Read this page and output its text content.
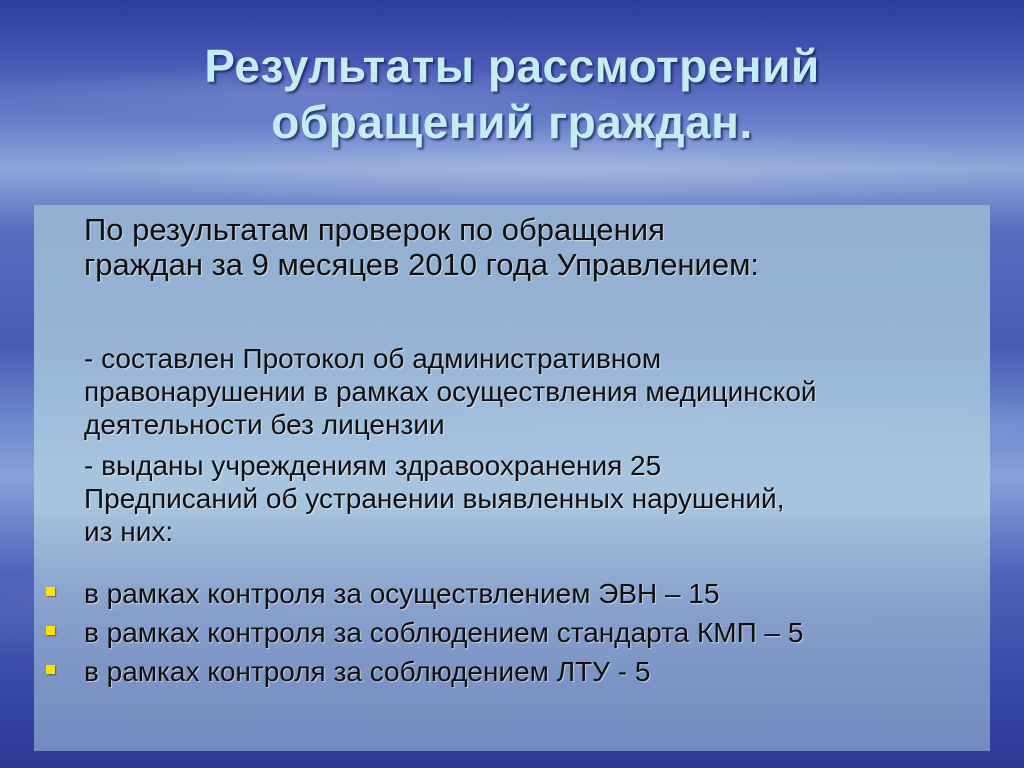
Результаты рассмотрений
обращений граждан.
По результатам проверок по обращения
граждан за 9 месяцев 2010 года Управлением:
- составлен Протокол об административном
правонарушении в рамках осуществления медицинской
деятельности без лицензии
- выданы учреждениям здравоохранения 25
Предписаний об устранении выявленных нарушений,
из них:
в рамках контроля за осуществлением ЭВН – 15
в рамках контроля за соблюдением стандарта КМП – 5
в рамках контроля за соблюдением ЛТУ - 5
